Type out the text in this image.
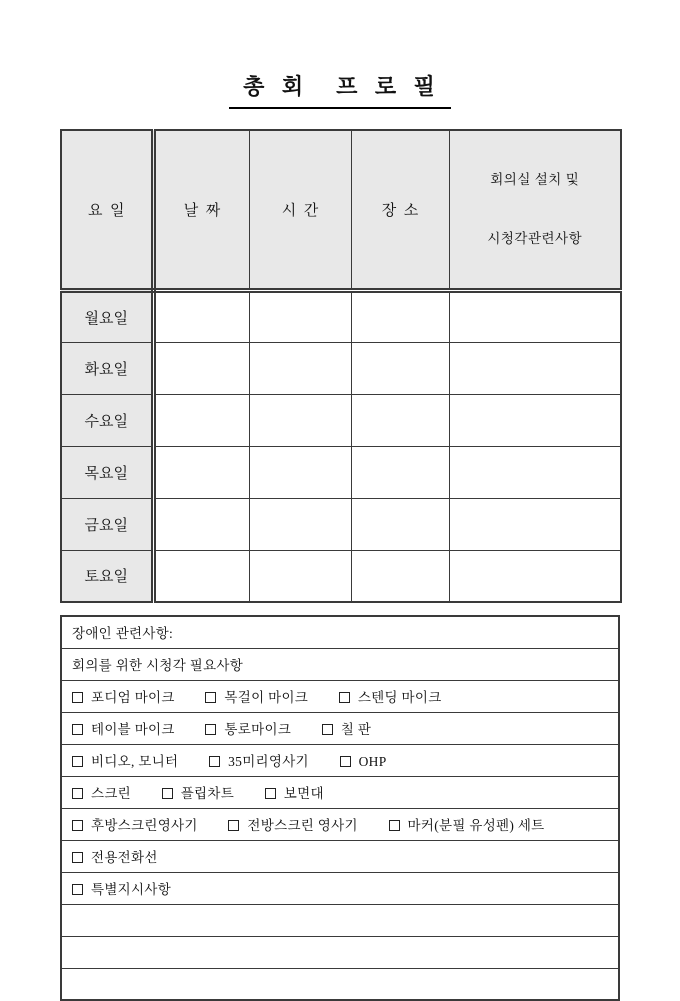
총 회  프 로 필
요  일	날  짜	시  간	장  소	회의실 설치 및

시청각관련사항

월요일				
화요일				
수요일				
목요일				
금요일				
토요일				
장애인 관련사항:
회의를 위한 시청각 필요사항
포디엄 마이크	목걸이 마이크	스텐딩 마이크
테이블 마이크	통로마이크	칠 판
비디오, 모니터	35미리영사기	OHP
스크린	플립차트	보면대
후방스크린영사기	전방스크린 영사기	마커(분필 유성펜) 세트
전용전화선
특별지시사항
